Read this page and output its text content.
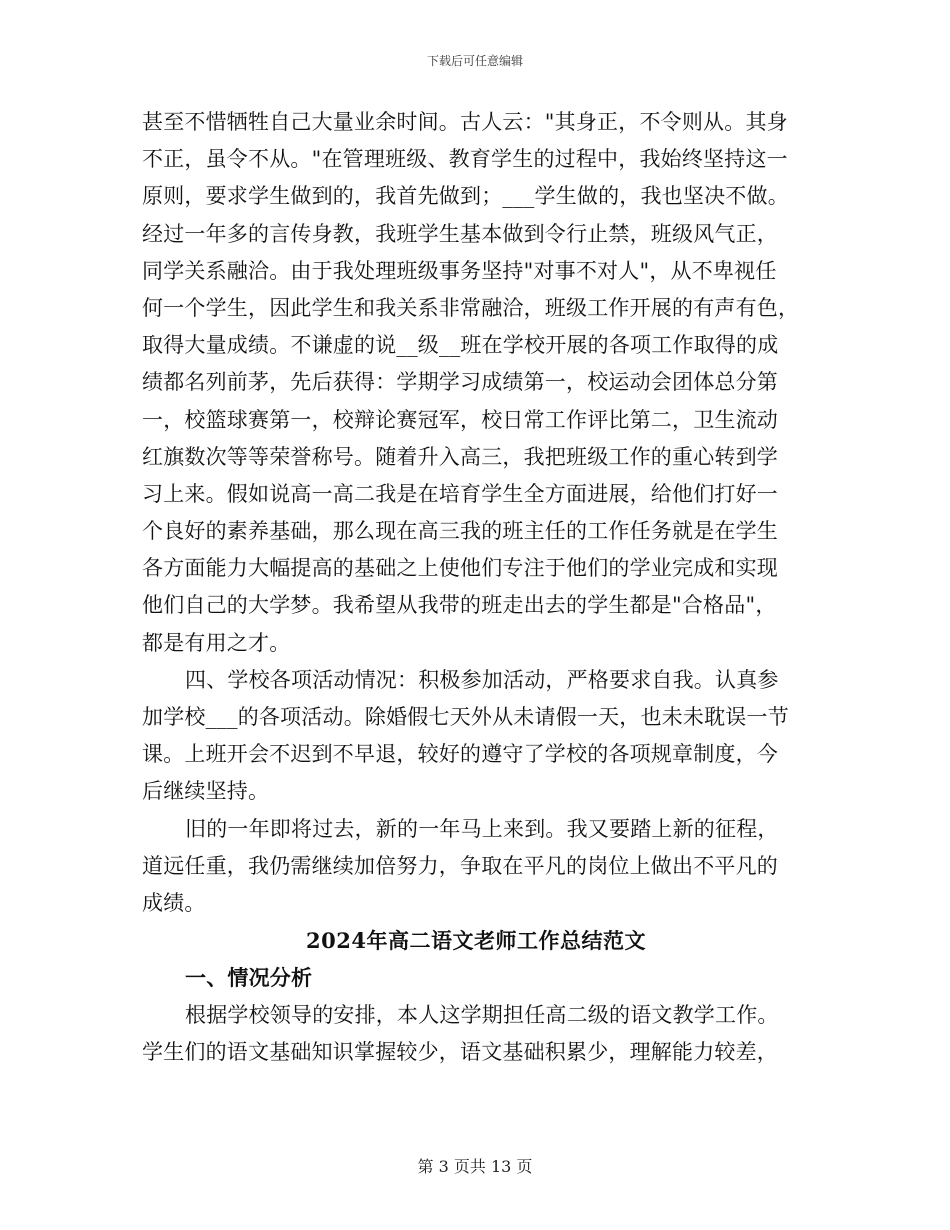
下载后可任意编辑
甚至不惜牺牲自己大量业余时间。古人云："其身正，不令则从。其身
不正，虽令不从。"在管理班级、教育学生的过程中，我始终坚持这一
原则，要求学生做到的，我首先做到；___学生做的，我也坚决不做。
经过一年多的言传身教，我班学生基本做到令行止禁，班级风气正，
同学关系融洽。由于我处理班级事务坚持"对事不对人"，从不卑视任
何一个学生，因此学生和我关系非常融洽，班级工作开展的有声有色，
取得大量成绩。不谦虚的说__级__班在学校开展的各项工作取得的成
绩都名列前茅，先后获得：学期学习成绩第一，校运动会团体总分第
一，校篮球赛第一，校辩论赛冠军，校日常工作评比第二，卫生流动
红旗数次等等荣誉称号。随着升入高三，我把班级工作的重心转到学
习上来。假如说高一高二我是在培育学生全方面进展，给他们打好一
个良好的素养基础，那么现在高三我的班主任的工作任务就是在学生
各方面能力大幅提高的基础之上使他们专注于他们的学业完成和实现
他们自己的大学梦。我希望从我带的班走出去的学生都是"合格品"，
都是有用之才。
四、学校各项活动情况：积极参加活动，严格要求自我。认真参
加学校___的各项活动。除婚假七天外从未请假一天，也未未耽误一节
课。上班开会不迟到不早退，较好的遵守了学校的各项规章制度，今
后继续坚持。
旧的一年即将过去，新的一年马上来到。我又要踏上新的征程，
道远任重，我仍需继续加倍努力，争取在平凡的岗位上做出不平凡的
成绩。
2024年高二语文老师工作总结范文
一、情况分析
根据学校领导的安排，本人这学期担任高二级的语文教学工作。
学生们的语文基础知识掌握较少，语文基础积累少，理解能力较差，
第 3 页共 13 页
